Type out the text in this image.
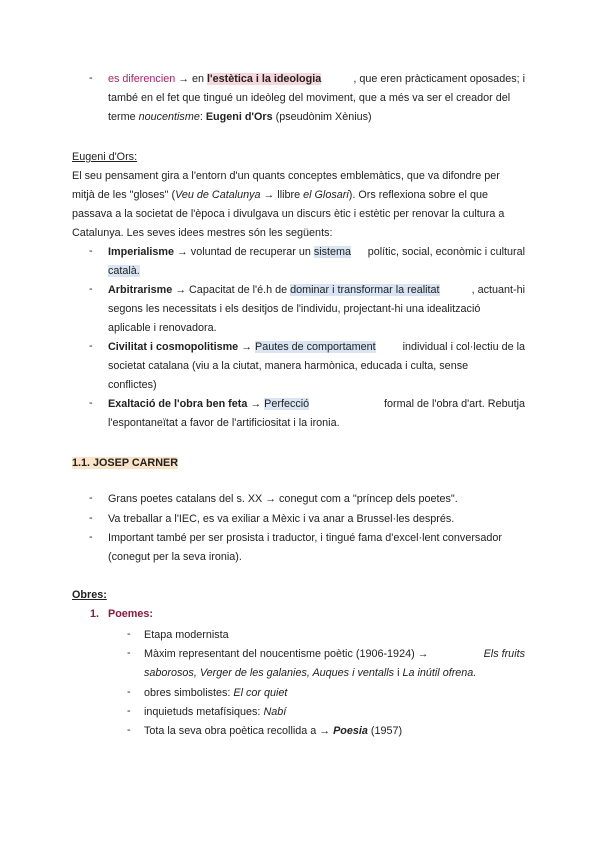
-	es diferencien → en l'estètica i la ideologia	, que eren pràcticament oposades; i
també en el fet que tingué un ideòleg del moviment, que a més va ser el creador del
terme noucentisme: Eugeni d'Ors (pseudònim Xènius)
Eugeni d'Ors:
El seu pensament gira a l'entorn d'un quants conceptes emblemàtics, que va difondre per
mitjà de les "gloses" (Veu de Catalunya → llibre el Glosari). Ors reflexiona sobre el que
passava a la societat de l'època i divulgava un discurs ètic i estètic per renovar la cultura a
Catalunya. Les seves idees mestres són les següents:
-	Imperialisme → voluntad de recuperar un sistema polític, social, econòmic i cultural
català.
-	Arbitrarisme → Capacitat de l'é.h de dominar i transformar la realitat	, actuant-hi
segons les necessitats i els desitjos de l'individu, projectant-hi una idealització
aplicable i renovadora.
-	Civilitat i cosmopolitisme → Pautes de comportament individual i col·lectiu de la
societat catalana (viu a la ciutat, manera harmònica, educada i culta, sense
conflictes)
-	Exaltació de l'obra ben feta → Perfecció	formal de l'obra d'art. Rebutja
l'espontaneïtat a favor de l'artificiositat i la ironia.
1.1. JOSEP CARNER
-	Grans poetes catalans del s. XX → conegut com a "príncep dels poetes".
-	Va treballar a l'IEC, es va exiliar a Mèxic i va anar a Brussel·les després.
-	Important també per ser prosista i traductor, i tingué fama d'excel·lent conversador
(conegut per la seva ironia).
Obres:
1. Poemes:
-	Etapa modernista
-	Màxim representant del noucentisme poètic (1906-1924) →	Els fruits
saborosos, Verger de les galanies, Auques i ventalls i La inútil ofrena.
-	obres simbolistes: El cor quiet
-	inquietuds metafísiques: Nabí
-	Tota la seva obra poètica recollida a → Poesia (1957)
